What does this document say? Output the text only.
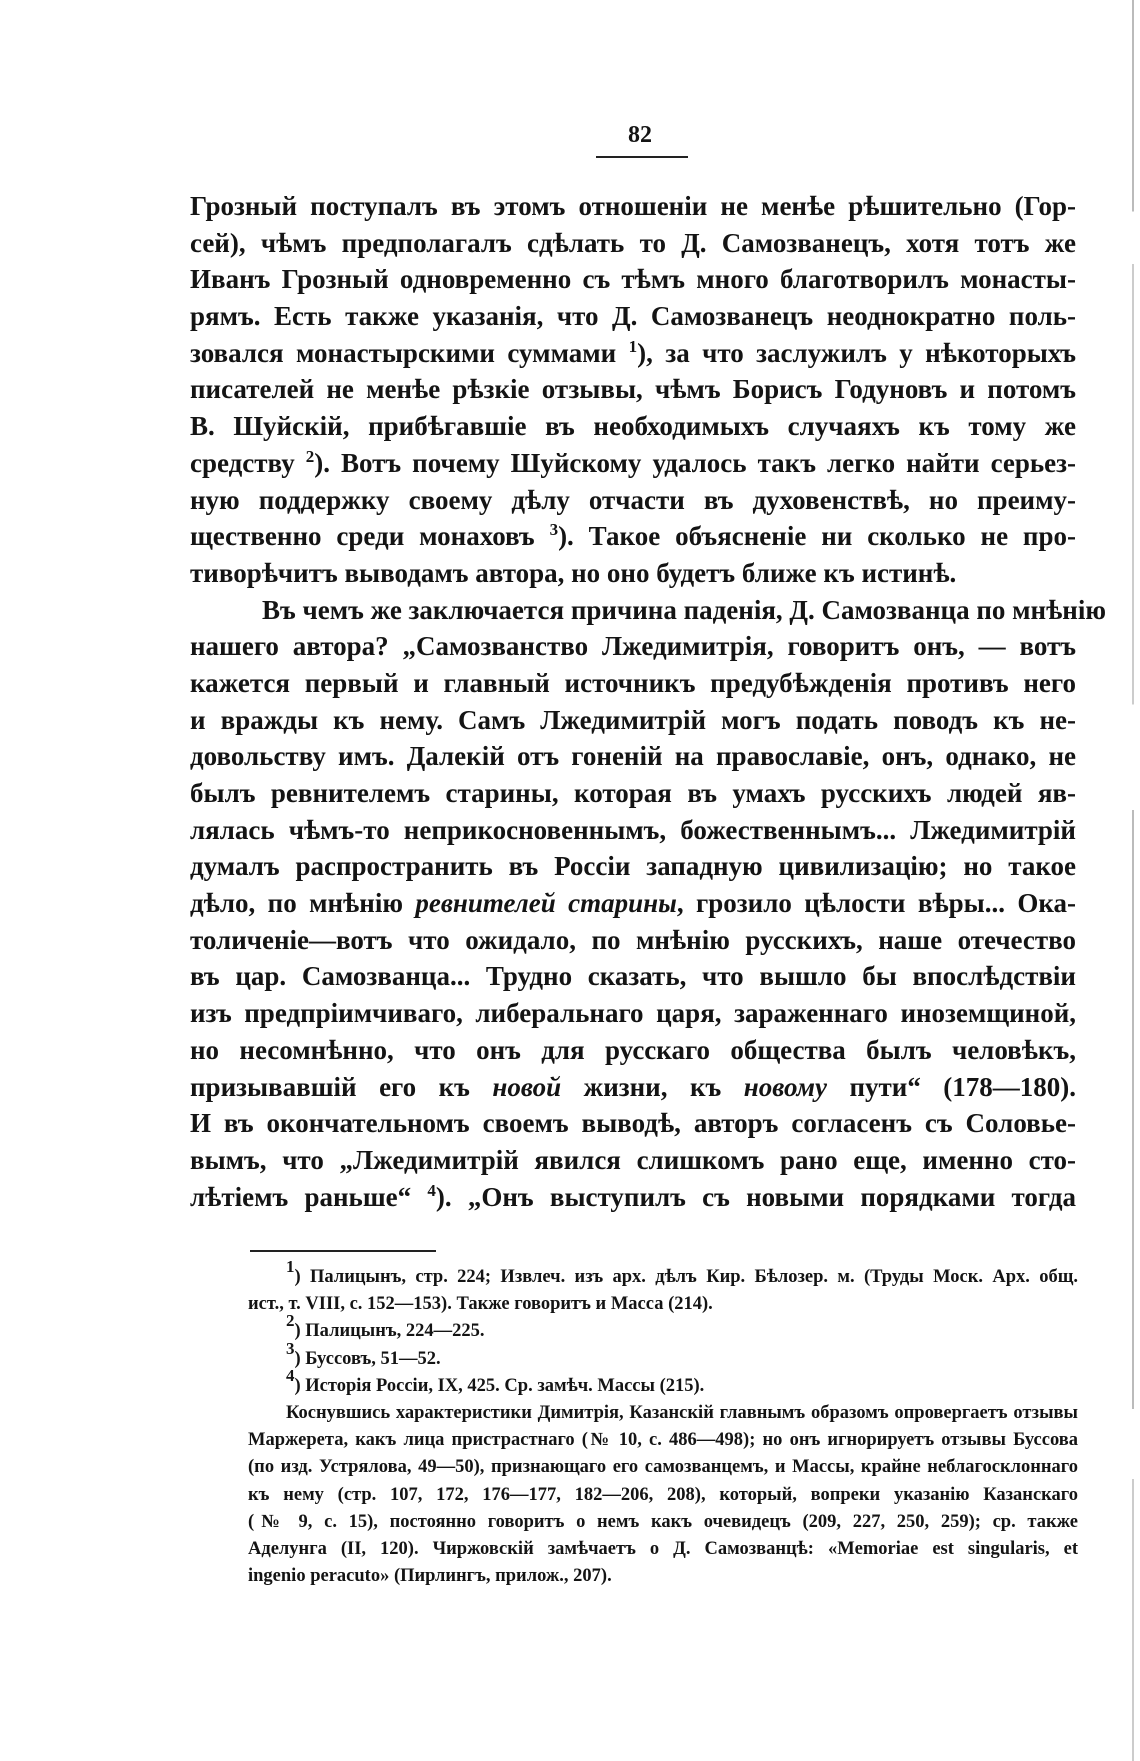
82
Грозный поступалъ въ этомъ отношеніи не менѣе рѣшительно (Гор-
сей), чѣмъ предполагалъ сдѣлать то Д. Самозванецъ, хотя тотъ же
Иванъ Грозный одновременно съ тѣмъ много благотворилъ монасты-
рямъ. Есть также указанія, что Д. Самозванецъ неоднократно поль-
зовался монастырскими суммами $^1$), за что заслужилъ у нѣкоторыхъ
писателей не менѣе рѣзкіе отзывы, чѣмъ Борисъ Годуновъ и потомъ
В. Шуйскій, прибѣгавшіе въ необходимыхъ случаяхъ къ тому же
средству $^2$). Вотъ почему Шуйскому удалось такъ легко найти серьез-
ную поддержку своему дѣлу отчасти въ духовенствѣ, но преиму-
щественно среди монаховъ $^3$). Такое объясненіе ни сколько не про-
тиворѣчитъ выводамъ автора, но оно будетъ ближе къ истинѣ.
Въ чемъ же заключается причина паденія, Д. Самозванца по мнѣнію
нашего автора? „Самозванство Лжедимитрія, говоритъ онъ, — вотъ
кажется первый и главный источникъ предубѣжденія противъ него
и вражды къ нему. Самъ Лжедимитрій могъ подать поводъ къ не-
довольству имъ. Далекій отъ гоненій на православіе, онъ, однако, не
былъ ревнителемъ старины, которая въ умахъ русскихъ людей яв-
лялась чѣмъ-то неприкосновеннымъ, божественнымъ... Лжедимитрій
думалъ распространить въ Россіи западную цивилизацію; но такое
дѣло, по мнѣнію ревнителей старины, грозило цѣлости вѣры... Ока-
толиченіе—вотъ что ожидало, по мнѣнію русскихъ, наше отечество
въ цар. Самозванца... Трудно сказать, что вышло бы впослѣдствіи
изъ предпріимчиваго, либеральнаго царя, зараженнаго иноземщиной,
но несомнѣнно, что онъ для русскаго общества былъ человѣкъ,
призывавшій его къ новой жизни, къ новому пути“ (178—180).
И въ окончательномъ своемъ выводѣ, авторъ согласенъ съ Соловье-
вымъ, что „Лжедимитрій явился слишкомъ рано еще, именно сто-
лѣтіемъ раньше“ $^4$). „Онъ выступилъ съ новыми порядками тогда
$^1$) Палицынъ, стр. 224; Извлеч. изъ арх. дѣлъ Кир. Бѣлозер. м. (Труды Моск. Арх. общ.
ист., т. VIII, с. 152—153). Также говоритъ и Масса (214).
$^2$) Палицынъ, 224—225.
$^3$) Буссовъ, 51—52.
$^4$) Исторія Россіи, IX, 425. Ср. замѣч. Массы (215).
Коснувшись характеристики Димитрія, Казанскій главнымъ образомъ опровергаетъ отзывы
Маржерета, какъ лица пристрастнаго (№ 10, с. 486—498); но онъ игнорируетъ отзывы Буссова
(по изд. Устрялова, 49—50), признающаго его самозванцемъ, и Массы, крайне неблагосклоннаго
къ нему (стр. 107, 172, 176—177, 182—206, 208), который, вопреки указанію Казанскаго
(№ 9, с. 15), постоянно говоритъ о немъ какъ очевидецъ (209, 227, 250, 259); ср. также
Аделунга (II, 120). Чиржовскій замѣчаетъ о Д. Самозванцѣ: «Memoriae est singularis, et
ingenio peracuto» (Пирлингъ, прилож., 207).
